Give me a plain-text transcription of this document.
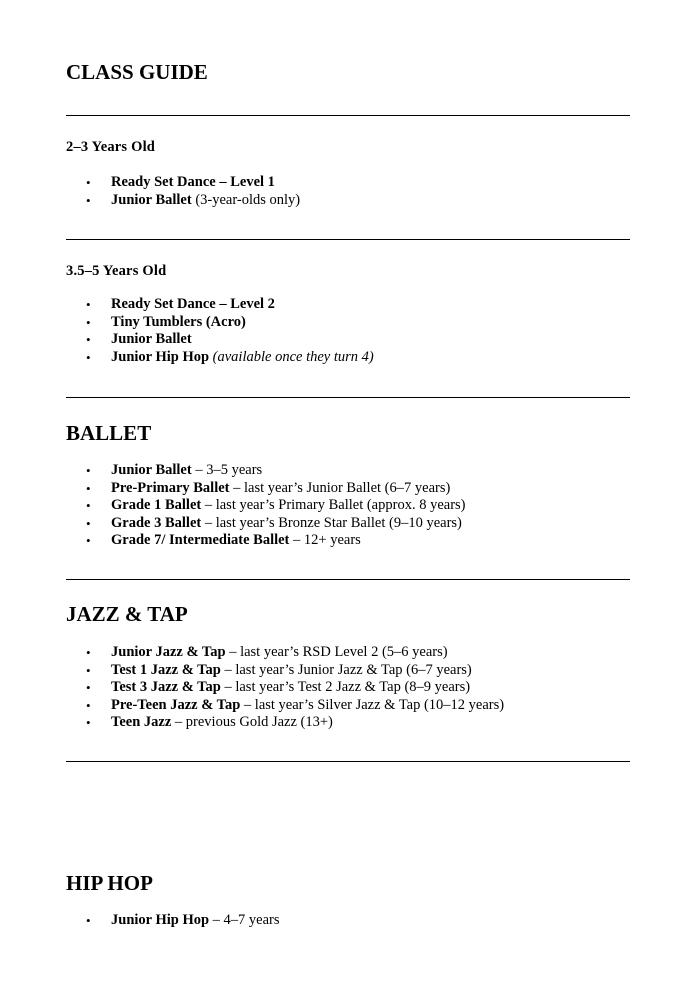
CLASS GUIDE
2–3 Years Old
• Ready Set Dance – Level 1
• Junior Ballet (3-year-olds only)
3.5–5 Years Old
• Ready Set Dance – Level 2
• Tiny Tumblers (Acro)
• Junior Ballet
• Junior Hip Hop (available once they turn 4)
BALLET
• Junior Ballet – 3–5 years
• Pre-Primary Ballet – last year’s Junior Ballet (6–7 years)
• Grade 1 Ballet – last year’s Primary Ballet (approx. 8 years)
• Grade 3 Ballet – last year’s Bronze Star Ballet (9–10 years)
• Grade 7/ Intermediate Ballet – 12+ years
JAZZ & TAP
• Junior Jazz & Tap – last year’s RSD Level 2 (5–6 years)
• Test 1 Jazz & Tap – last year’s Junior Jazz & Tap (6–7 years)
• Test 3 Jazz & Tap – last year’s Test 2 Jazz & Tap (8–9 years)
• Pre-Teen Jazz & Tap – last year’s Silver Jazz & Tap (10–12 years)
• Teen Jazz – previous Gold Jazz (13+)
HIP HOP
• Junior Hip Hop – 4–7 years
